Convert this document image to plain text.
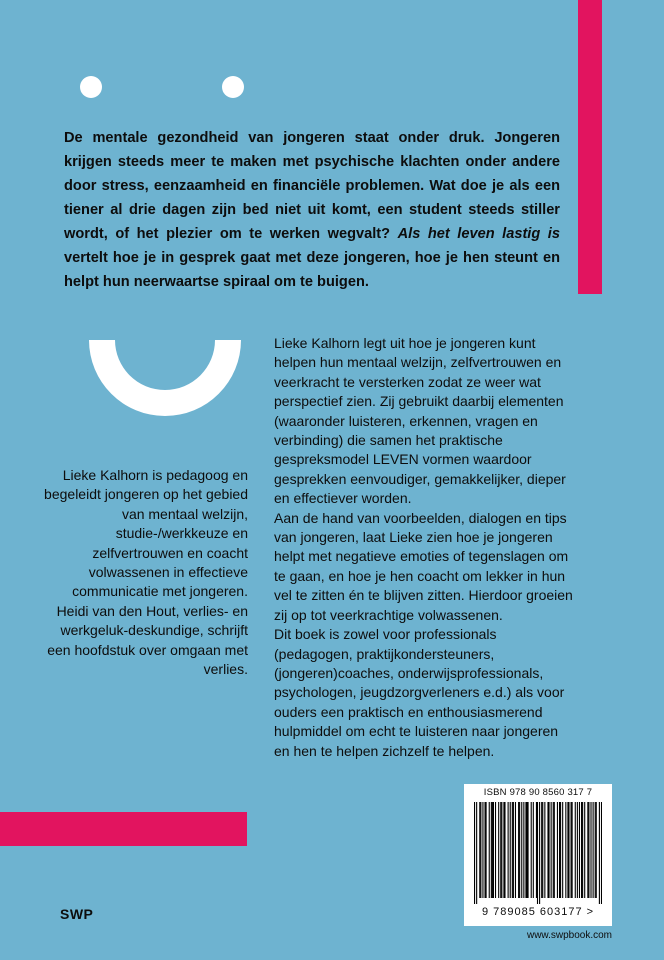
De mentale gezondheid van jongeren staat onder druk. Jongeren krijgen steeds meer te maken met psychische klachten onder andere door stress, eenzaamheid en financiële problemen. Wat doe je als een tiener al drie dagen zijn bed niet uit komt, een student steeds stiller wordt, of het plezier om te werken wegvalt? Als het leven lastig is vertelt hoe je in gesprek gaat met deze jongeren, hoe je hen steunt en helpt hun neerwaartse spiraal om te buigen.
Lieke Kalhorn is pedagoog en begeleidt jongeren op het gebied van mentaal welzijn, studie-/werkkeuze en zelfvertrouwen en coacht volwassenen in effectieve communicatie met jongeren. Heidi van den Hout, verlies- en werkgeluk-deskundige, schrijft een hoofdstuk over omgaan met verlies.

Lieke Kalhorn legt uit hoe je jongeren kunt helpen hun mentaal welzijn, zelfvertrouwen en veerkracht te versterken zodat ze weer wat perspectief zien. Zij gebruikt daarbij elementen (waaronder luisteren, erkennen, vragen en verbinding) die samen het praktische gespreksmodel LEVEN vormen waardoor gesprekken eenvoudiger, gemakkelijker, dieper en effectiever worden.

Aan de hand van voorbeelden, dialogen en tips van jongeren, laat Lieke zien hoe je jongeren helpt met negatieve emoties of tegenslagen om te gaan, en hoe je hen coacht om lekker in hun vel te zitten én te blijven zitten. Hierdoor groeien zij op tot veerkrachtige volwassenen.

Dit boek is zowel voor professionals (pedagogen, praktijkondersteuners, (jongeren)coaches, onderwijsprofessionals, psychologen, jeugdzorgverleners e.d.) als voor ouders een praktisch en enthousiasmerend hulpmiddel om echt te luisteren naar jongeren en hen te helpen zichzelf te helpen.

SWP
ISBN 978 90 8560 317 7
9 789085 603177 >
www.swpbook.com
